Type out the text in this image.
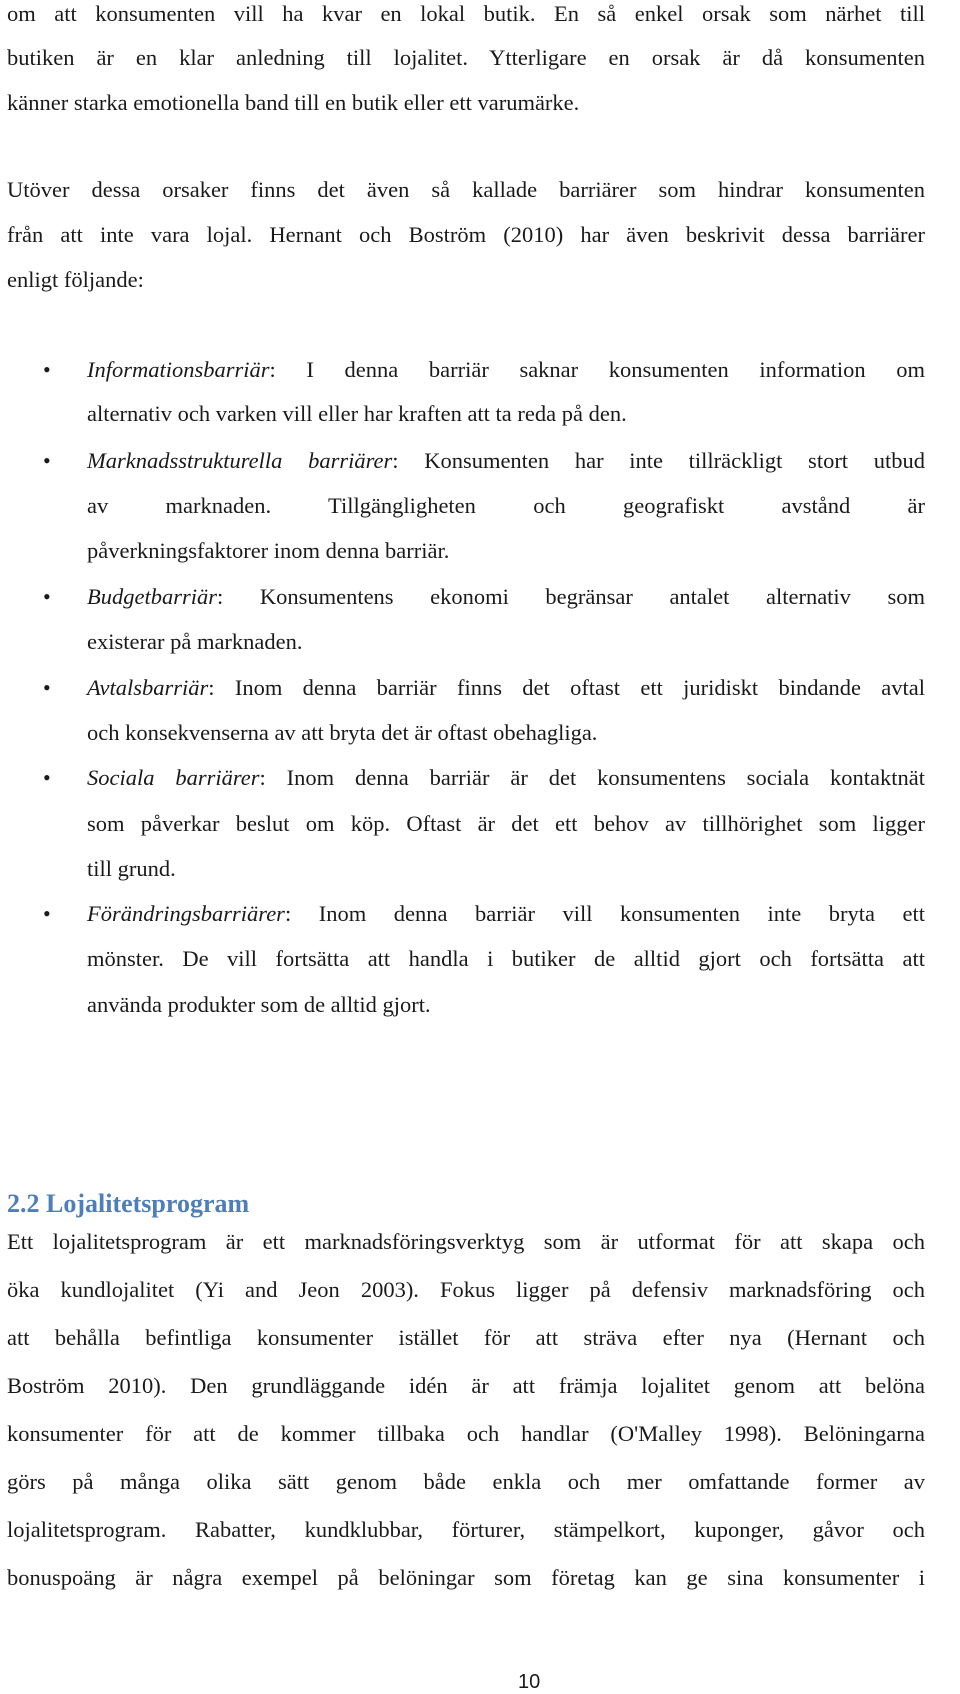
om att konsumenten vill ha kvar en lokal butik. En så enkel orsak som närhet till
butiken är en klar anledning till lojalitet. Ytterligare en orsak är då konsumenten
känner starka emotionella band till en butik eller ett varumärke.
Utöver dessa orsaker finns det även så kallade barriärer som hindrar konsumenten
från att inte vara lojal. Hernant och Boström (2010) har även beskrivit dessa barriärer
enligt följande:
• Informationsbarriär: I denna barriär saknar konsumenten information om
alternativ och varken vill eller har kraften att ta reda på den.
• Marknadsstrukturella barriärer: Konsumenten har inte tillräckligt stort utbud
av marknaden. Tillgängligheten och geografiskt avstånd är
påverkningsfaktorer inom denna barriär.
• Budgetbarriär: Konsumentens ekonomi begränsar antalet alternativ som
existerar på marknaden.
• Avtalsbarriär: Inom denna barriär finns det oftast ett juridiskt bindande avtal
och konsekvenserna av att bryta det är oftast obehagliga.
• Sociala barriärer: Inom denna barriär är det konsumentens sociala kontaktnät
som påverkar beslut om köp. Oftast är det ett behov av tillhörighet som ligger
till grund.
• Förändringsbarriärer: Inom denna barriär vill konsumenten inte bryta ett
mönster. De vill fortsätta att handla i butiker de alltid gjort och fortsätta att
använda produkter som de alltid gjort.
2.2 Lojalitetsprogram
Ett lojalitetsprogram är ett marknadsföringsverktyg som är utformat för att skapa och
öka kundlojalitet (Yi and Jeon 2003). Fokus ligger på defensiv marknadsföring och
att behålla befintliga konsumenter istället för att sträva efter nya (Hernant och
Boström 2010). Den grundläggande idén är att främja lojalitet genom att belöna
konsumenter för att de kommer tillbaka och handlar (O'Malley 1998). Belöningarna
görs på många olika sätt genom både enkla och mer omfattande former av
lojalitetsprogram. Rabatter, kundklubbar, förturer, stämpelkort, kuponger, gåvor och
bonuspoäng är några exempel på belöningar som företag kan ge sina konsumenter i
10
